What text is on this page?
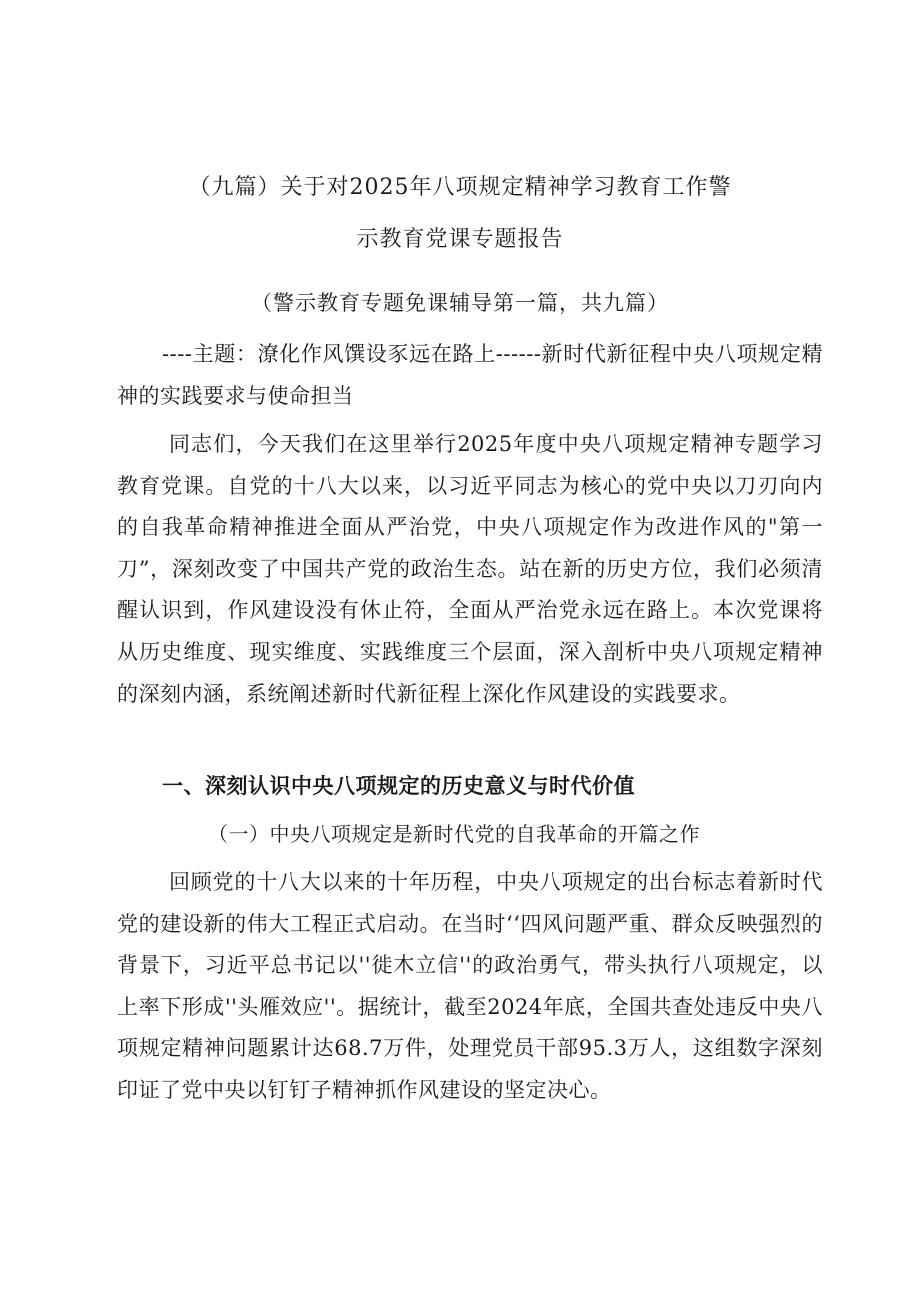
（九篇）关于对2025年八项规定精神学习教育工作警
示教育党课专题报告
（警示教育专题免课辅导第一篇，共九篇）
----主题：潦化作风馔设豕远在路上------新时代新征程中央八项规定精神的实践要求与使命担当
同志们，今天我们在这里举行2025年度中央八项规定精神专题学习教育党课。自党的十八大以来，以习近平同志为核心的党中央以刀刃向内的自我革命精神推进全面从严治党，中央八项规定作为改进作风的"第一刀”，深刻改变了中国共产党的政治生态。站在新的历史方位，我们必须清醒认识到，作风建设没有休止符，全面从严治党永远在路上。本次党课将从历史维度、现实维度、实践维度三个层面，深入剖析中央八项规定精神的深刻内涵，系统阐述新时代新征程上深化作风建设的实践要求。
一、深刻认识中央八项规定的历史意义与时代价值
（一）中央八项规定是新时代党的自我革命的开篇之作
回顾党的十八大以来的十年历程，中央八项规定的出台标志着新时代党的建设新的伟大工程正式启动。在当时‘‘四风问题严重、群众反映强烈的背景下，习近平总书记以''徙木立信''的政治勇气，带头执行八项规定，以上率下形成''头雁效应''。据统计，截至2024年底，全国共查处违反中央八项规定精神问题累计达68.7万件，处理党员干部95.3万人，这组数字深刻印证了党中央以钉钉子精神抓作风建设的坚定决心。
